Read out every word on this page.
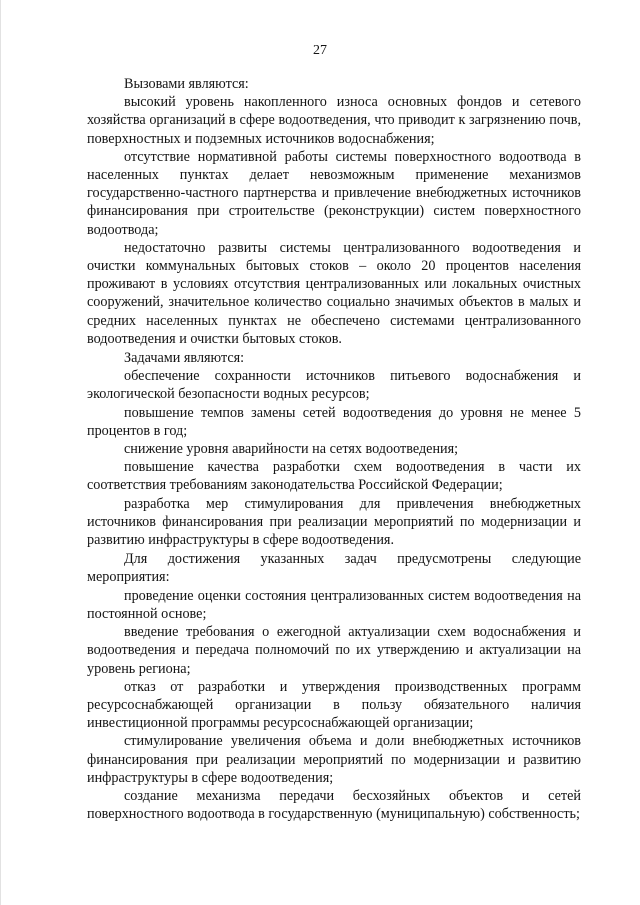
27

Вызовами являются:

высокий уровень накопленного износа основных фондов и сетевого хозяйства организаций в сфере водоотведения, что приводит к загрязнению почв, поверхностных и подземных источников водоснабжения;

отсутствие нормативной работы системы поверхностного водоотвода в населенных пунктах делает невозможным применение механизмов государственно-частного партнерства и привлечение внебюджетных источников финансирования при строительстве (реконструкции) систем поверхностного водоотвода;

недостаточно развиты системы централизованного водоотведения и очистки коммунальных бытовых стоков – около 20 процентов населения проживают в условиях отсутствия централизованных или локальных очистных сооружений, значительное количество социально значимых объектов в малых и средних населенных пунктах не обеспечено системами централизованного водоотведения и очистки бытовых стоков.

Задачами являются:

обеспечение сохранности источников питьевого водоснабжения и экологической безопасности водных ресурсов;

повышение темпов замены сетей водоотведения до уровня не менее 5 процентов в год;

снижение уровня аварийности на сетях водоотведения;

повышение качества разработки схем водоотведения в части их соответствия требованиям законодательства Российской Федерации;

разработка мер стимулирования для привлечения внебюджетных источников финансирования при реализации мероприятий по модернизации и развитию инфраструктуры в сфере водоотведения.

Для достижения указанных задач предусмотрены следующие мероприятия:

проведение оценки состояния централизованных систем водоотведения на постоянной основе;

введение требования о ежегодной актуализации схем водоснабжения и водоотведения и передача полномочий по их утверждению и актуализации на уровень региона;

отказ от разработки и утверждения производственных программ ресурсоснабжающей организации в пользу обязательного наличия инвестиционной программы ресурсоснабжающей организации;

стимулирование увеличения объема и доли внебюджетных источников финансирования при реализации мероприятий по модернизации и развитию инфраструктуры в сфере водоотведения;

создание механизма передачи бесхозяйных объектов и сетей поверхностного водоотвода в государственную (муниципальную) собственность;
